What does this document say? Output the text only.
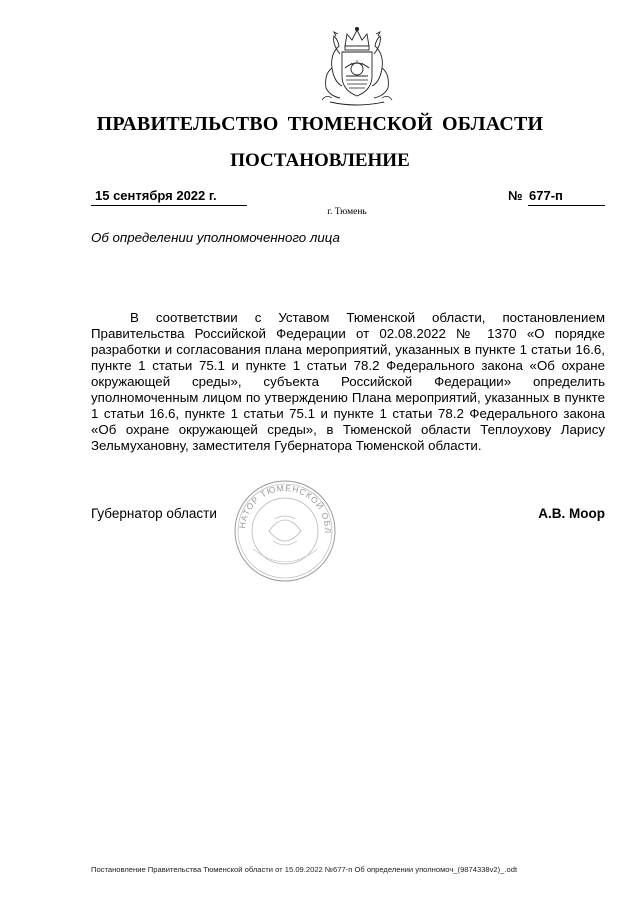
ПРАВИТЕЛЬСТВО ТЮМЕНСКОЙ ОБЛАСТИ
ПОСТАНОВЛЕНИЕ
15 сентября 2022 г.	№ 677-п
г. Тюмень
Об определении уполномоченного лица
В соответствии с Уставом Тюменской области, постановлением Правительства Российской Федерации от 02.08.2022 № 1370 «О порядке разработки и согласования плана мероприятий, указанных в пункте 1 статьи 16.6, пункте 1 статьи 75.1 и пункте 1 статьи 78.2 Федерального закона «Об охране окружающей среды», субъекта Российской Федерации» определить уполномоченным лицом по утверждению Плана мероприятий, указанных в пункте 1 статьи 16.6, пункте 1 статьи 75.1 и пункте 1 статьи 78.2 Федерального закона «Об охране окружающей среды», в Тюменской области Теплоухову Ларису Зельмухановну, заместителя Губернатора Тюменской области.
НАТОР ТЮМЕНСКОЙ ОБЛ
Губернатор области	А.В. Моор
Постановление Правительства Тюменской области от 15.09.2022 №677-п Об определении уполномоч_(9874338v2)_.odt
